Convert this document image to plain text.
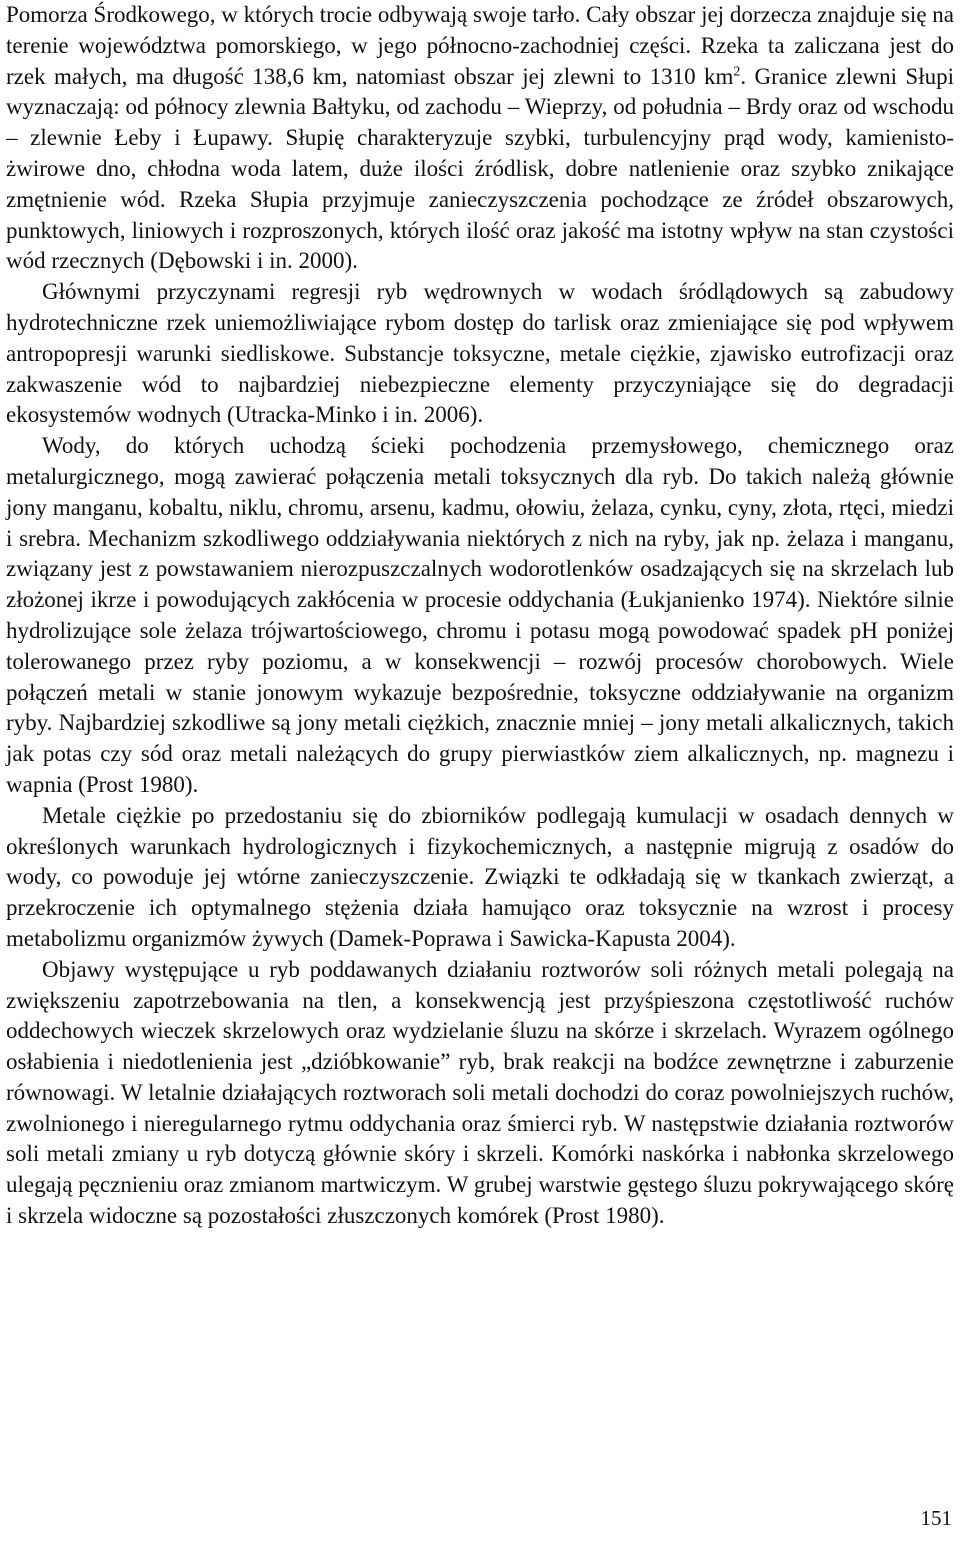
Pomorza Środkowego, w których trocie odbywają swoje tarło. Cały obszar jej dorzecza znajduje się na terenie województwa pomorskiego, w jego północno-zachodniej części. Rzeka ta zaliczana jest do rzek małych, ma długość 138,6 km, natomiast obszar jej zlewni to 1310 $km^2$. Granice zlewni Słupi wyznaczają: od północy zlewnia Bałtyku, od zachodu – Wieprzy, od południa – Brdy oraz od wschodu – zlewnie Łeby i Łupawy. Słupię charakteryzuje szybki, turbulencyjny prąd wody, kamienisto-żwirowe dno, chłodna woda latem, duże ilości źródlisk, dobre natlenienie oraz szybko znikające zmętnienie wód. Rzeka Słupia przyjmuje zanieczyszczenia pochodzące ze źródeł obszarowych, punktowych, liniowych i rozproszonych, których ilość oraz jakość ma istotny wpływ na stan czystości wód rzecznych (Dębowski i in. 2000).

Głównymi przyczynami regresji ryb wędrownych w wodach śródlądowych są zabudowy hydrotechniczne rzek uniemożliwiające rybom dostęp do tarlisk oraz zmieniające się pod wpływem antropopresji warunki siedliskowe. Substancje toksyczne, metale ciężkie, zjawisko eutrofizacji oraz zakwaszenie wód to najbardziej niebezpieczne elementy przyczyniające się do degradacji ekosystemów wodnych (Utracka-Minko i in. 2006).

Wody, do których uchodzą ścieki pochodzenia przemysłowego, chemicznego oraz metalurgicznego, mogą zawierać połączenia metali toksycznych dla ryb. Do takich należą głównie jony manganu, kobaltu, niklu, chromu, arsenu, kadmu, ołowiu, żelaza, cynku, cyny, złota, rtęci, miedzi i srebra. Mechanizm szkodliwego oddziaływania niektórych z nich na ryby, jak np. żelaza i manganu, związany jest z powstawaniem nierozpuszczalnych wodorotlenków osadzających się na skrzelach lub złożonej ikrze i powodujących zakłócenia w procesie oddychania (Łukjanienko 1974). Niektóre silnie hydrolizujące sole żelaza trójwartościowego, chromu i potasu mogą powodować spadek pH poniżej tolerowanego przez ryby poziomu, a w konsekwencji – rozwój procesów chorobowych. Wiele połączeń metali w stanie jonowym wykazuje bezpośrednie, toksyczne oddziaływanie na organizm ryby. Najbardziej szkodliwe są jony metali ciężkich, znacznie mniej – jony metali alkalicznych, takich jak potas czy sód oraz metali należących do grupy pierwiastków ziem alkalicznych, np. magnezu i wapnia (Prost 1980).

Metale ciężkie po przedostaniu się do zbiorników podlegają kumulacji w osadach dennych w określonych warunkach hydrologicznych i fizykochemicznych, a następnie migrują z osadów do wody, co powoduje jej wtórne zanieczyszczenie. Związki te odkładają się w tkankach zwierząt, a przekroczenie ich optymalnego stężenia działa hamująco oraz toksycznie na wzrost i procesy metabolizmu organizmów żywych (Damek-Poprawa i Sawicka-Kapusta 2004).

Objawy występujące u ryb poddawanych działaniu roztworów soli różnych metali polegają na zwiększeniu zapotrzebowania na tlen, a konsekwencją jest przyśpieszona częstotliwość ruchów oddechowych wieczek skrzelowych oraz wydzielanie śluzu na skórze i skrzelach. Wyrazem ogólnego osłabienia i niedotlenienia jest „dzióbkowanie” ryb, brak reakcji na bodźce zewnętrzne i zaburzenie równowagi. W letalnie działających roztworach soli metali dochodzi do coraz powolniejszych ruchów, zwolnionego i nieregularnego rytmu oddychania oraz śmierci ryb. W następstwie działania roztworów soli metali zmiany u ryb dotyczą głównie skóry i skrzeli. Komórki naskórka i nabłonka skrzelowego ulegają pęcznieniu oraz zmianom martwiczym. W grubej warstwie gęstego śluzu pokrywającego skórę i skrzela widoczne są pozostałości złuszczonych komórek (Prost 1980).

151
